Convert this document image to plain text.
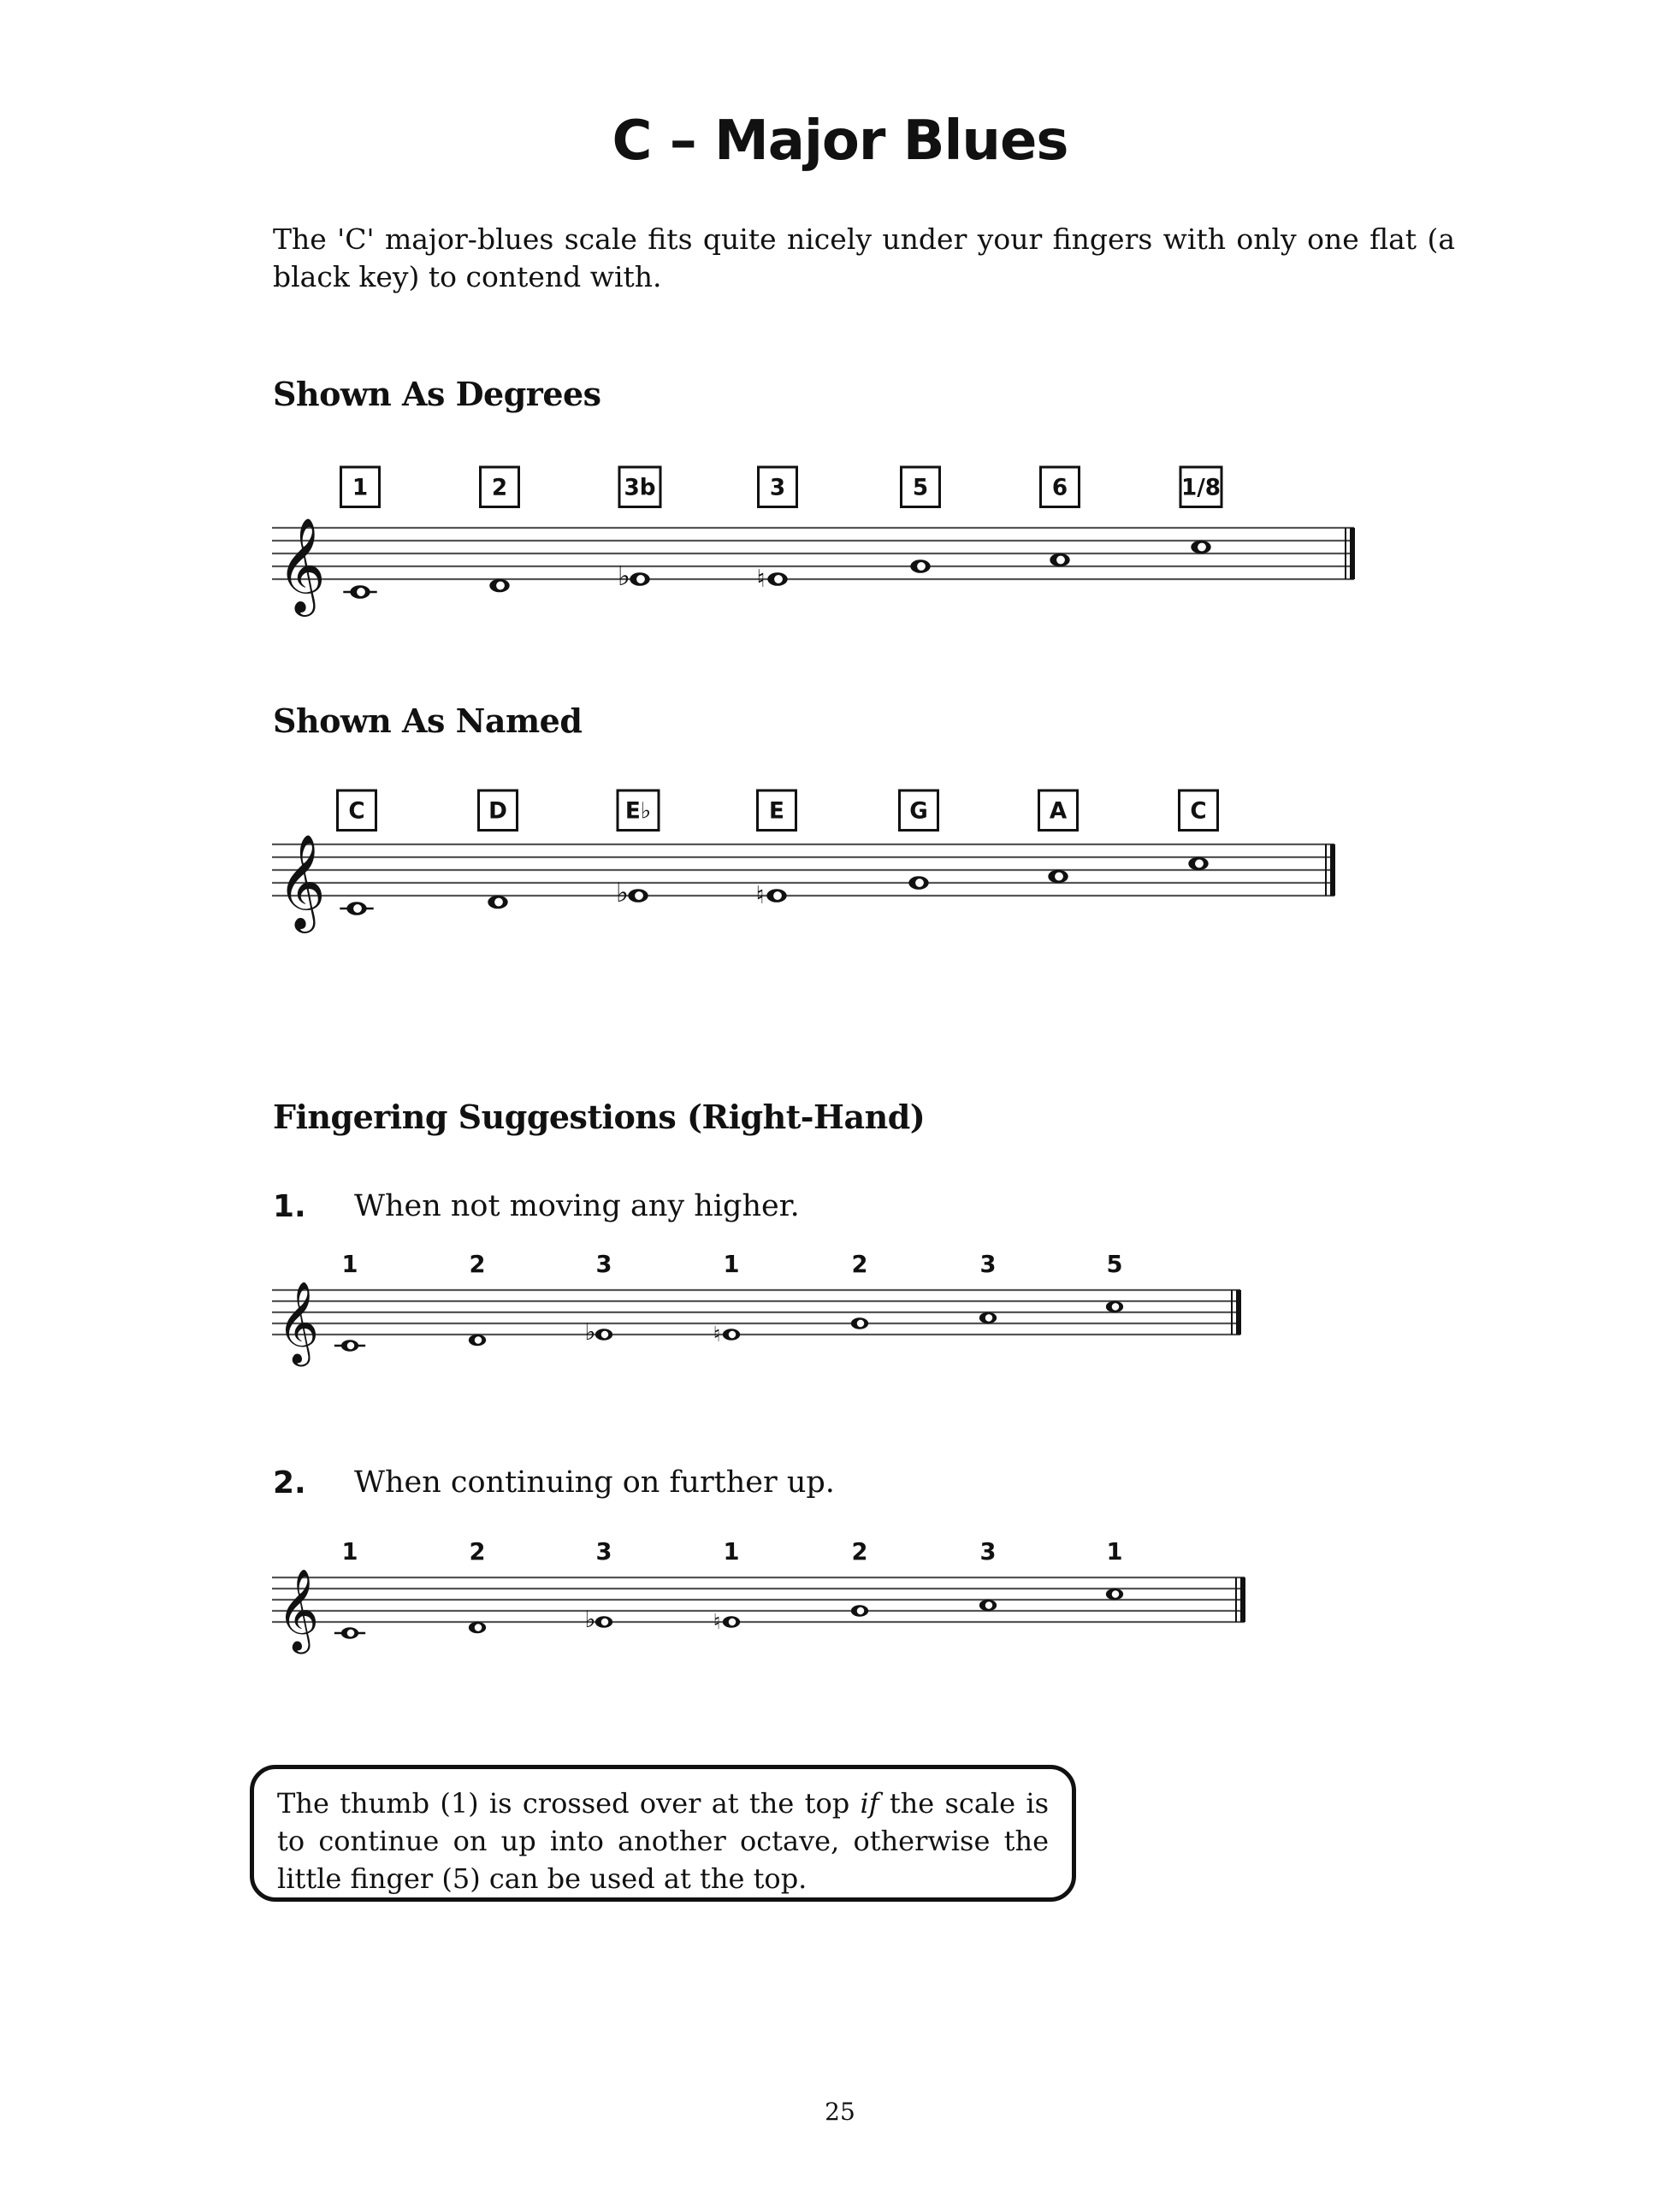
C – Major Blues
The 'C' major-blues scale fits quite nicely under your fingers with only one flat (a black key) to contend with.
Shown As Degrees
𝄞
1	2
♭
3b
♮
3	5	6	1/8
Shown As Named
𝄞
C	D
♭
E♭
♮
E	G	A	C
Fingering Suggestions (Right-Hand)
1. When not moving any higher.
𝄞
1	2
♭
3
♮
1	2	3	5
2. When continuing on further up.
𝄞
1	2
♭
3
♮
1	2	3	1
The thumb (1) is crossed over at the top if the scale is to continue on up into another octave, otherwise the little finger (5) can be used at the top.
25
